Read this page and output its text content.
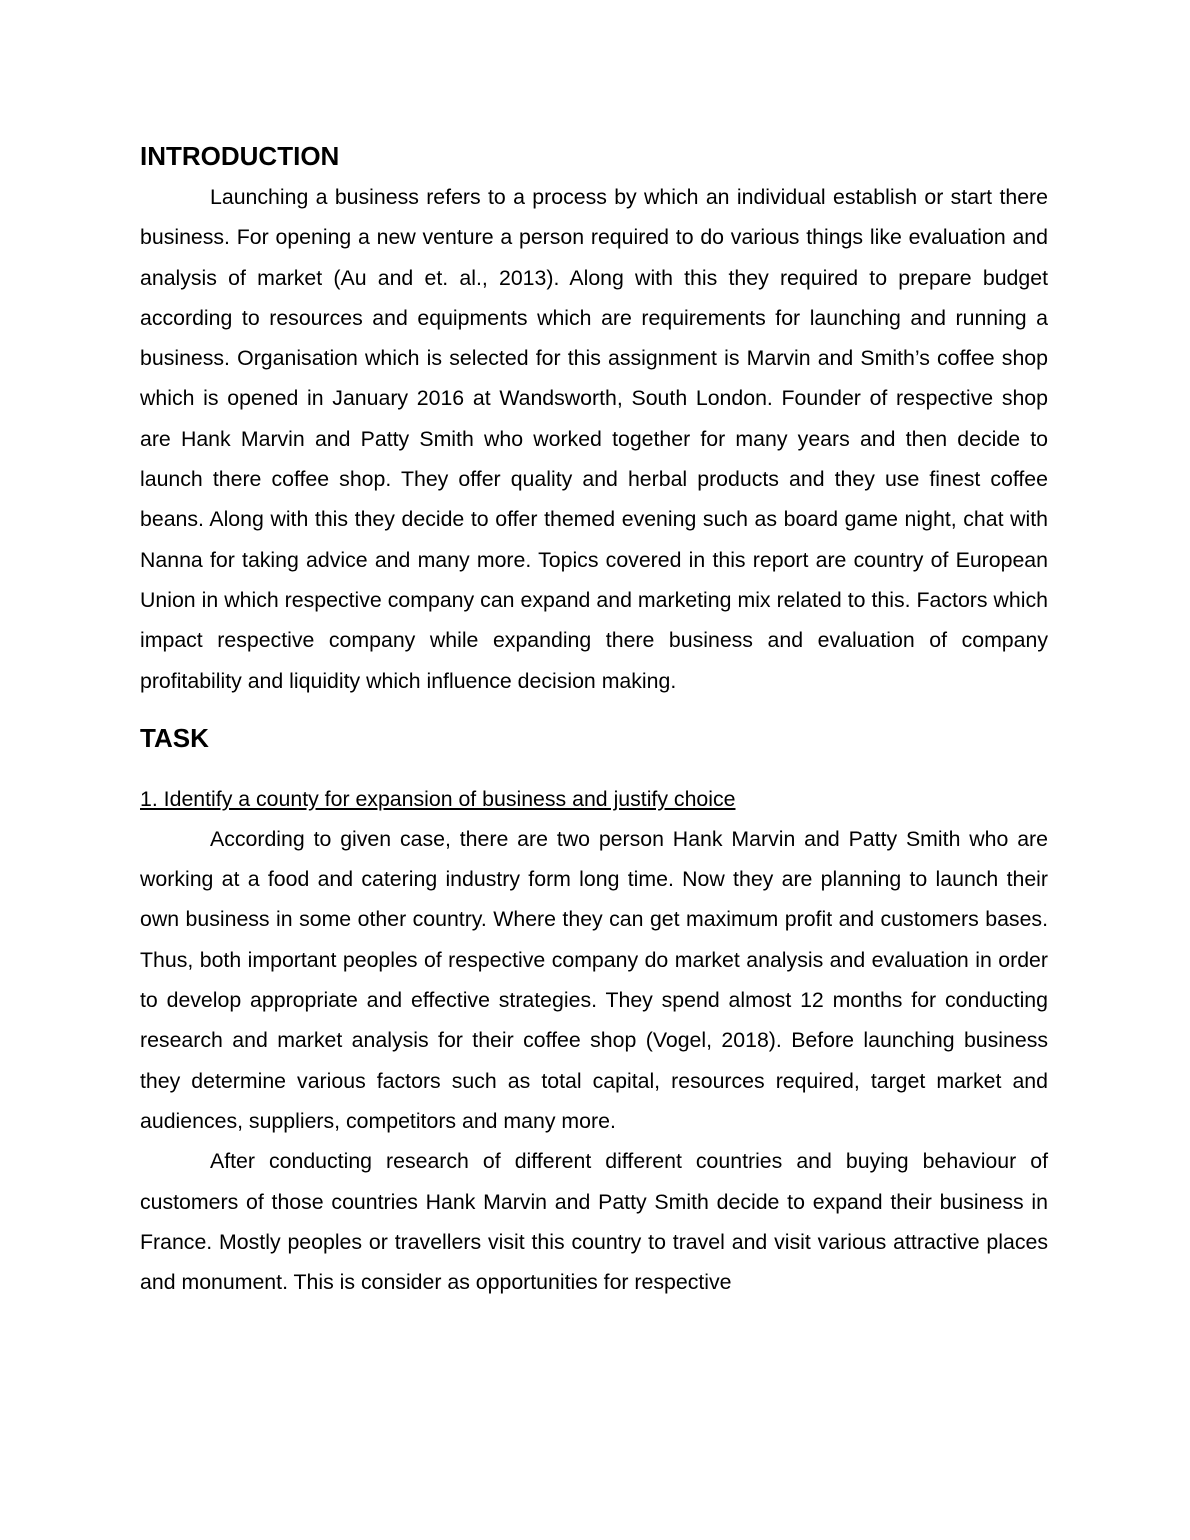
INTRODUCTION

Launching a business refers to a process by which an individual establish or start there business. For opening a new venture a person required to do various things like evaluation and analysis of market (Au and et. al., 2013). Along with this they required to prepare budget according to resources and equipments which are requirements for launching and running a business. Organisation which is selected for this assignment is Marvin and Smith’s coffee shop which is opened in January 2016 at Wandsworth, South London. Founder of respective shop are Hank Marvin and Patty Smith who worked together for many years and then decide to launch there coffee shop. They offer quality and herbal products and they use finest coffee beans. Along with this they decide to offer themed evening such as board game night, chat with Nanna for taking advice and many more. Topics covered in this report are country of European Union in which respective company can expand and marketing mix related to this. Factors which impact respective company while expanding there business and evaluation of company profitability and liquidity which influence decision making.

TASK
1. Identify a county for expansion of business and justify choice

According to given case, there are two person Hank Marvin and Patty Smith who are working at a food and catering industry form long time. Now they are planning to launch their own business in some other country. Where they can get maximum profit and customers bases. Thus, both important peoples of respective company do market analysis and evaluation in order to develop appropriate and effective strategies. They spend almost 12 months for conducting research and market analysis for their coffee shop (Vogel, 2018). Before launching business they determine various factors such as total capital, resources required, target market and audiences, suppliers, competitors and many more.

After conducting research of different different countries and buying behaviour of customers of those countries Hank Marvin and Patty Smith decide to expand their business in France. Mostly peoples or travellers visit this country to travel and visit various attractive places and monument. This is consider as opportunities for respective
